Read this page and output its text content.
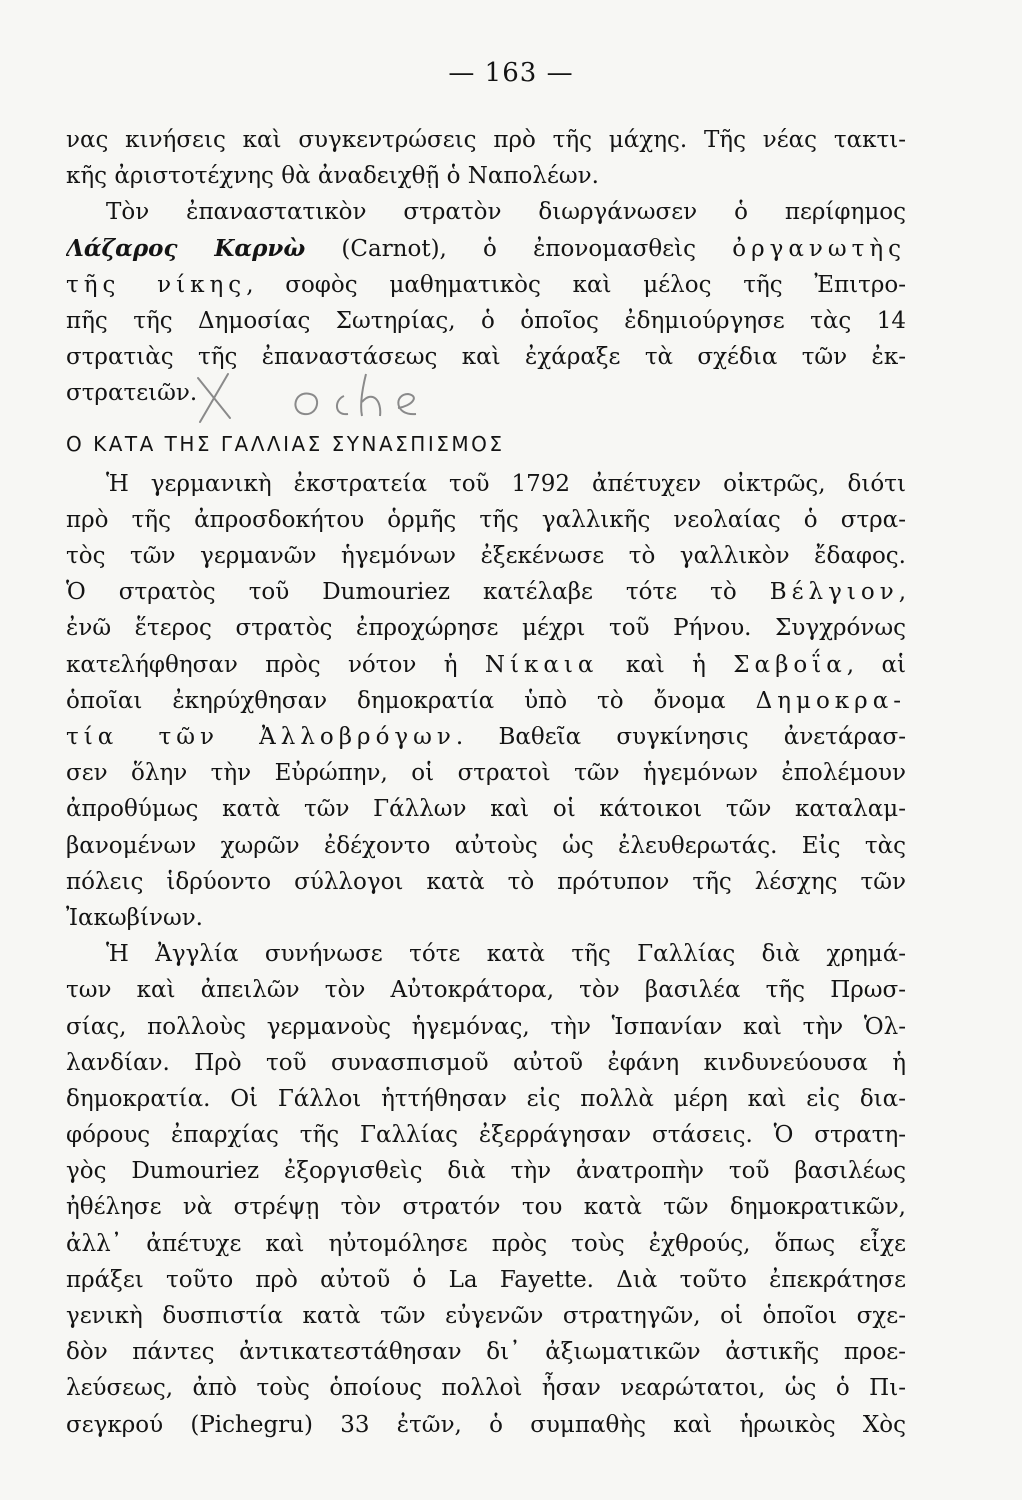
— 163 —
νας κινήσεις καὶ συγκεντρώσεις πρὸ τῆς μάχης. Τῆς νέας τακτι-
κῆς ἀριστοτέχνης θὰ ἀναδειχθῇ ὁ Ναπολέων.
Τὸν ἐπαναστατικὸν στρατὸν διωργάνωσεν ὁ περίφημος
Λάζαρος Καρνὼ (Carnot), ὁ ἐπονομασθεὶς ὀργανωτὴς
τῆς νίκης, σοφὸς μαθηματικὸς καὶ μέλος τῆς Ἐπιτρο-
πῆς τῆς Δημοσίας Σωτηρίας, ὁ ὁποῖος ἐδημιούργησε τὰς 14
στρατιὰς τῆς ἐπαναστάσεως καὶ ἐχάραξε τὰ σχέδια τῶν ἐκ-
στρατειῶν.
Ο ΚΑΤΑ ΤΗΣ ΓΑΛΛΙΑΣ ΣΥΝΑΣΠΙΣΜΟΣ
Ἡ γερμανικὴ ἐκστρατεία τοῦ 1792 ἀπέτυχεν οἰκτρῶς, διότι
πρὸ τῆς ἀπροσδοκήτου ὁρμῆς τῆς γαλλικῆς νεολαίας ὁ στρα-
τὸς τῶν γερμανῶν ἡγεμόνων ἐξεκένωσε τὸ γαλλικὸν ἔδαφος.
Ὁ στρατὸς τοῦ Dumouriez κατέλαβε τότε τὸ Βέλγιον,
ἐνῶ ἕτερος στρατὸς ἐπροχώρησε μέχρι τοῦ Ρήνου. Συγχρόνως
κατελήφθησαν πρὸς νότον ἡ Νίκαια καὶ ἡ Σαβοΐα, αἱ
ὁποῖαι ἐκηρύχθησαν δημοκρατία ὑπὸ τὸ ὄνομα Δημοκρα-
τία τῶν Ἀλλοβρόγων. Βαθεῖα συγκίνησις ἀνετάρασ-
σεν ὅλην τὴν Εὐρώπην, οἱ στρατοὶ τῶν ἡγεμόνων ἐπολέμουν
ἀπροθύμως κατὰ τῶν Γάλλων καὶ οἱ κάτοικοι τῶν καταλαμ-
βανομένων χωρῶν ἐδέχοντο αὐτοὺς ὡς ἐλευθερωτάς. Εἰς τὰς
πόλεις ἱδρύοντο σύλλογοι κατὰ τὸ πρότυπον τῆς λέσχης τῶν
Ἰακωβίνων.
Ἡ Ἀγγλία συνήνωσε τότε κατὰ τῆς Γαλλίας διὰ χρημά-
των καὶ ἀπειλῶν τὸν Αὐτοκράτορα, τὸν βασιλέα τῆς Πρωσ-
σίας, πολλοὺς γερμανοὺς ἡγεμόνας, τὴν Ἱσπανίαν καὶ τὴν Ὁλ-
λανδίαν. Πρὸ τοῦ συνασπισμοῦ αὐτοῦ ἐφάνη κινδυνεύουσα ἡ
δημοκρατία. Οἱ Γάλλοι ἡττήθησαν εἰς πολλὰ μέρη καὶ εἰς δια-
φόρους ἐπαρχίας τῆς Γαλλίας ἐξερράγησαν στάσεις. Ὁ στρατη-
γὸς Dumouriez ἐξοργισθεὶς διὰ τὴν ἀνατροπὴν τοῦ βασιλέως
ἠθέλησε νὰ στρέψῃ τὸν στρατόν του κατὰ τῶν δημοκρατικῶν,
ἀλλ᾽ ἀπέτυχε καὶ ηὐτομόλησε πρὸς τοὺς ἐχθρούς, ὅπως εἶχε
πράξει τοῦτο πρὸ αὐτοῦ ὁ La Fayette. Διὰ τοῦτο ἐπεκράτησε
γενικὴ δυσπιστία κατὰ τῶν εὐγενῶν στρατηγῶν, οἱ ὁποῖοι σχε-
δὸν πάντες ἀντικατεστάθησαν δι᾽ ἀξιωματικῶν ἀστικῆς προε-
λεύσεως, ἀπὸ τοὺς ὁποίους πολλοὶ ἦσαν νεαρώτατοι, ὡς ὁ Πι-
σεγκρού (Pichegru) 33 ἐτῶν, ὁ συμπαθὴς καὶ ἡρωικὸς Χὸς
